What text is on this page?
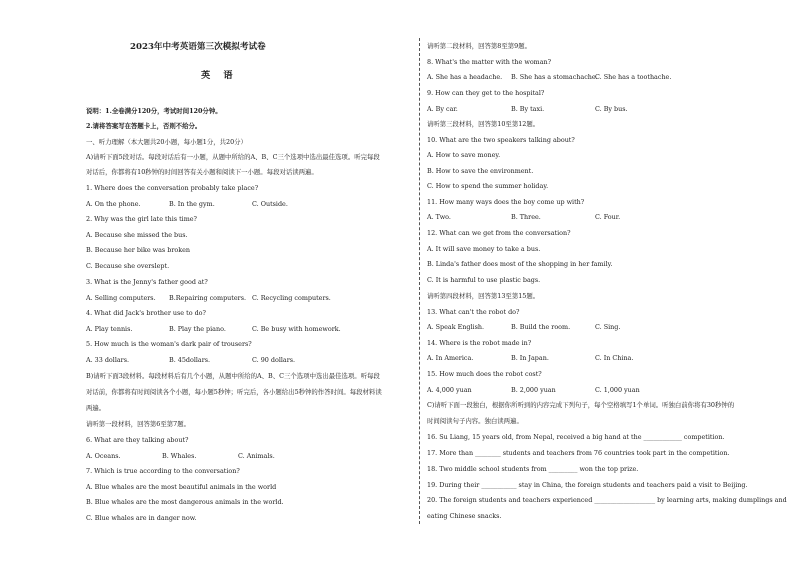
2023年中考英语第三次模拟考试卷
英 语
说明：1.全卷满分120分，考试时间120分钟。
2.请将答案写在答题卡上，否则不给分。
一、听力理解（本大题共20小题，每小题1分，共20分）
A)请听下面5段对话。每段对话后有一小题，从题中所给的A、B、C三个选项中选出最佳选项。听完每段
对话后，你都将有10秒钟的时间回答有关小题和阅读下一小题。每段对话读两遍。
1. Where does the conversation probably take place?
A. On the phone.	B. In the gym.	C. Outside.
2. Why was the girl late this time?
A. Because she missed the bus.
B. Because her bike was broken
C. Because she overslept.
3. What is the Jenny's father good at?
A. Selling computers. B.Repairing computers. C. Recycling computers.
4. What did Jack's brother use to do?
A. Play tennis.	B. Play the piano.	C. Be busy with homework.
5. How much is the woman's dark pair of trousers?
A. 33 dollars.	B. 45dollars.	C. 90 dollars.
B)请听下面3段材料。每段材料后有几个小题，从题中所给的A、B、C三个选项中选出最佳选项。听每段
对话前，你都将有时间阅读各个小题，每小题5秒钟；听完后，各小题给出5秒钟的作答时间。每段材料读
两遍。
请听第一段材料，回答第6至第7题。
6. What are they talking about?
A. Oceans.	B. Whales.	C. Animals.
7. Which is true according to the conversation?
A. Blue whales are the most beautiful animals in the world
B. Blue whales are the most dangerous animals in the world.
C. Blue whales are in danger now.
请听第二段材料，回答第8至第9题。
8. What's the matter with the woman?
A. She has a headache. B. She has a stomachache.
C. She has a toothache.
9. How can they get to the hospital?
A. By car.	B. By taxi.	C. By bus.
请听第三段材料，回答第10至第12题。
10. What are the two speakers talking about?
A. How to save money.
B. How to save the environment.
C. How to spend the summer holiday.
11. How many ways does the boy come up with?
A. Two.	B. Three.	C. Four.
12. What can we get from the conversation?
A. It will save money to take a bus.
B. Linda's father does most of the shopping in her family.
C. It is harmful to use plastic bags.
请听第四段材料，回答第13至第15题。
13. What can't the robot do?
A. Speak English.	B. Build the room.	C. Sing.
14. Where is the robot made in?
A. In America.	B. In Japan.	C. In China.
15. How much does the robot cost?
A. 4,000 yuan	B. 2,000 yuan	C. 1,000 yuan
C)请听下面一段独白，根据你所听到的内容完成下列句子，每个空格填写1个单词。听独白前你将有30秒钟的
时间阅读句子内容。独白读两遍。
16. Su Liang, 15 years old, from Nepal, received a big hand at the ____________ competition.
17. More than ________ students and teachers from 76 countries took part in the competition.
18. Two middle school students from _________ won the top prize.
19. During their ___________ stay in China, the foreign students and teachers paid a visit to Beijing.
20. The foreign students and teachers experienced ___________________ by learning arts, making dumplings and
eating Chinese snacks.
